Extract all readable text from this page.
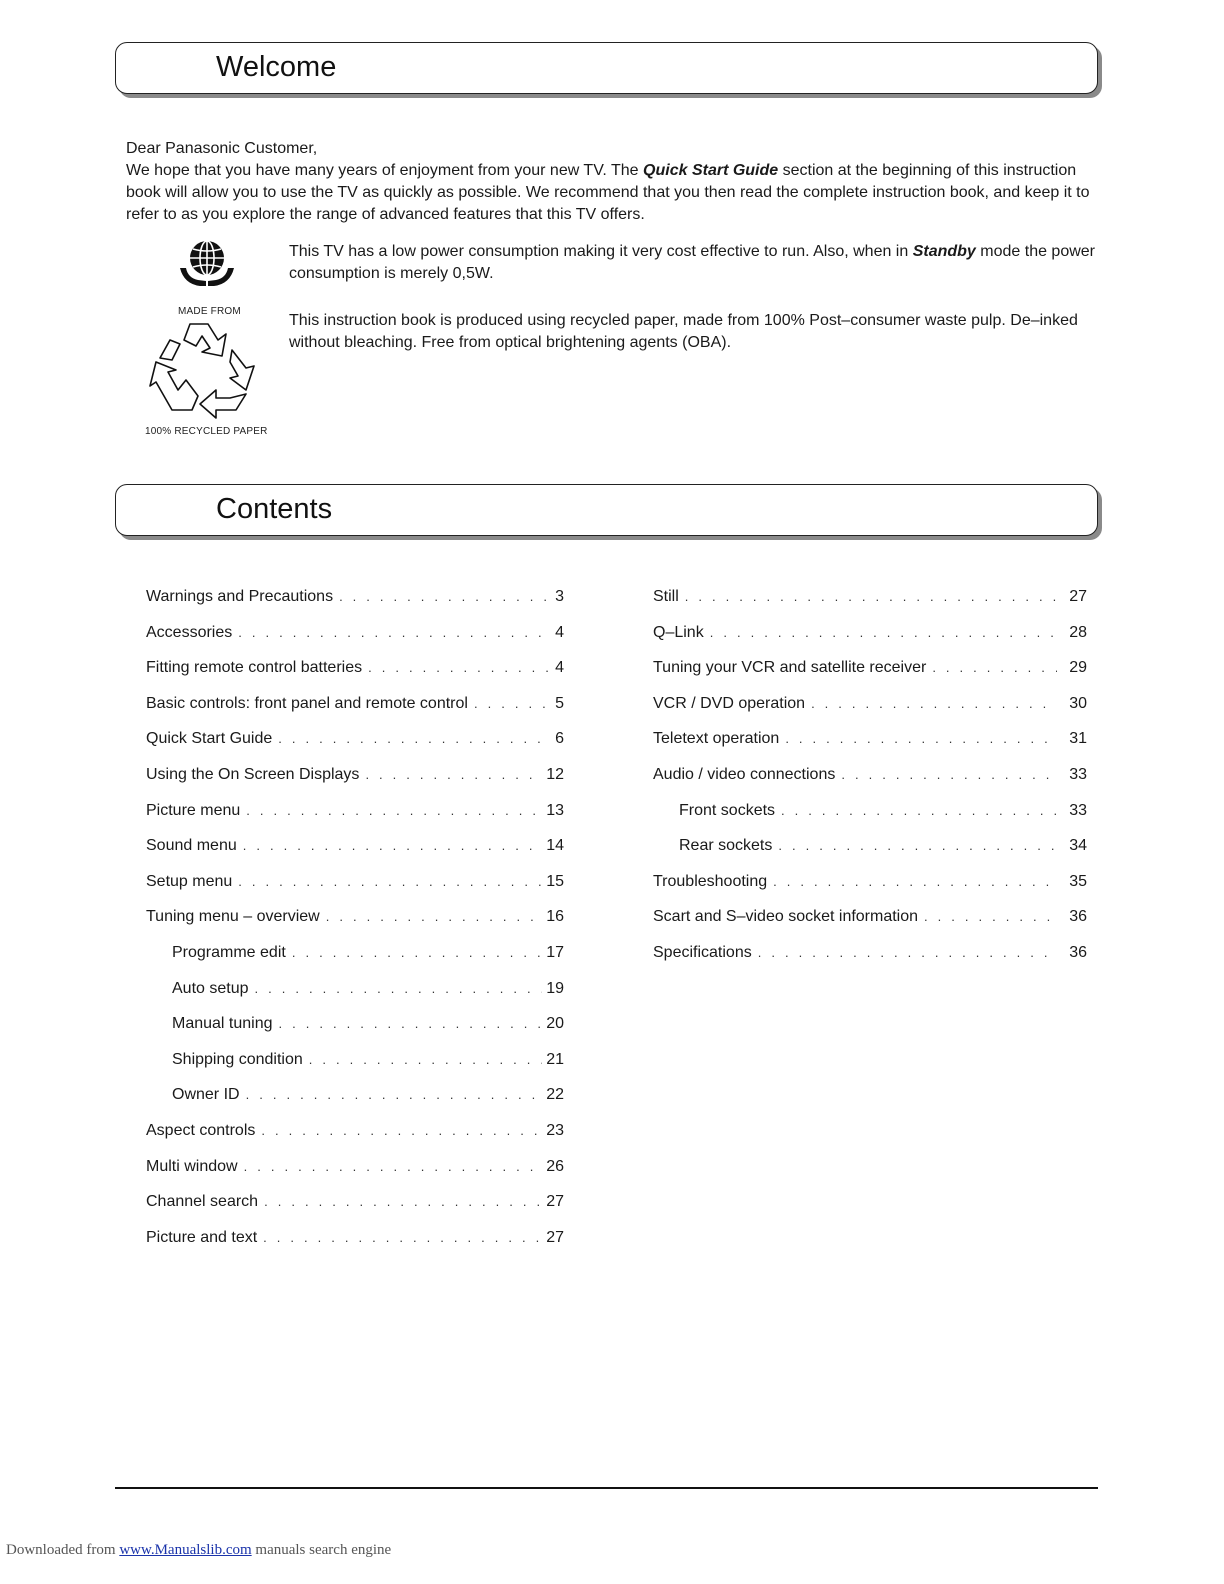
Welcome

Dear Panasonic Customer,

We hope that you have many years of enjoyment from your new TV. The Quick Start Guide section at the beginning of this instruction book will allow you to use the TV as quickly as possible. We recommend that you then read the complete instruction book, and keep it to refer to as you explore the range of advanced features that this TV offers.

MADE FROM
100% RECYCLED PAPER
This TV has a low power consumption making it very cost effective to run. Also, when in Standby mode the power consumption is merely 0,5W.
This instruction book is produced using recycled paper, made from 100% Post–consumer waste pulp. De–inked without bleaching. Free from optical brightening agents (OBA).
Contents
Warnings and Precautions . . .	3
Accessories . . .	4
Fitting remote control batteries . . .	4
Basic controls: front panel and remote control . . .	5
Quick Start Guide . . .	6
Using the On Screen Displays . . .	12
Picture menu . . .	13
Sound menu . . .	14
Setup menu . . .	15
Tuning menu – overview . . .	16
Programme edit . . .	17
Auto setup . . .	19
Manual tuning . . .	20
Shipping condition . . .	21
Owner ID . . .	22
Aspect controls . . .	23
Multi window . . .	26
Channel search . . .	27
Picture and text . . .	27
Still . . .	27
Q–Link . . .	28
Tuning your VCR and satellite receiver . . .	29
VCR / DVD operation . . .	30
Teletext operation . . .	31
Audio / video connections . . .	33
Front sockets . . .	33
Rear sockets . . .	34
Troubleshooting . . .	35
Scart and S–video socket information . . .	36
Specifications . . .	36
Downloaded from www.Manualslib.com manuals search engine
